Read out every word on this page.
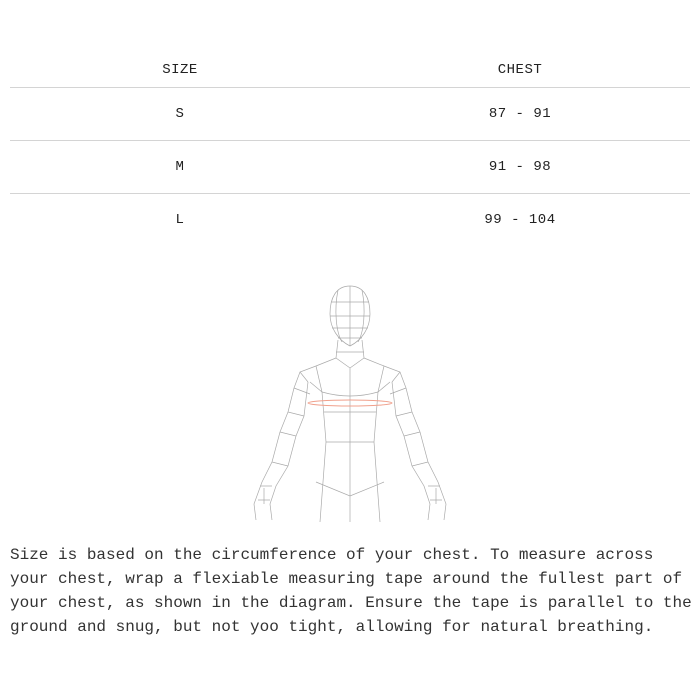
SIZE	CHEST
S	87 - 91
M	91 - 98
L	99 - 104

Size is based on the circumference of your chest. To measure across your chest, wrap a flexiable measuring tape around the fullest part of your chest, as shown in the diagram. Ensure the tape is parallel to the ground and snug, but not yoo tight, allowing for natural breathing.
